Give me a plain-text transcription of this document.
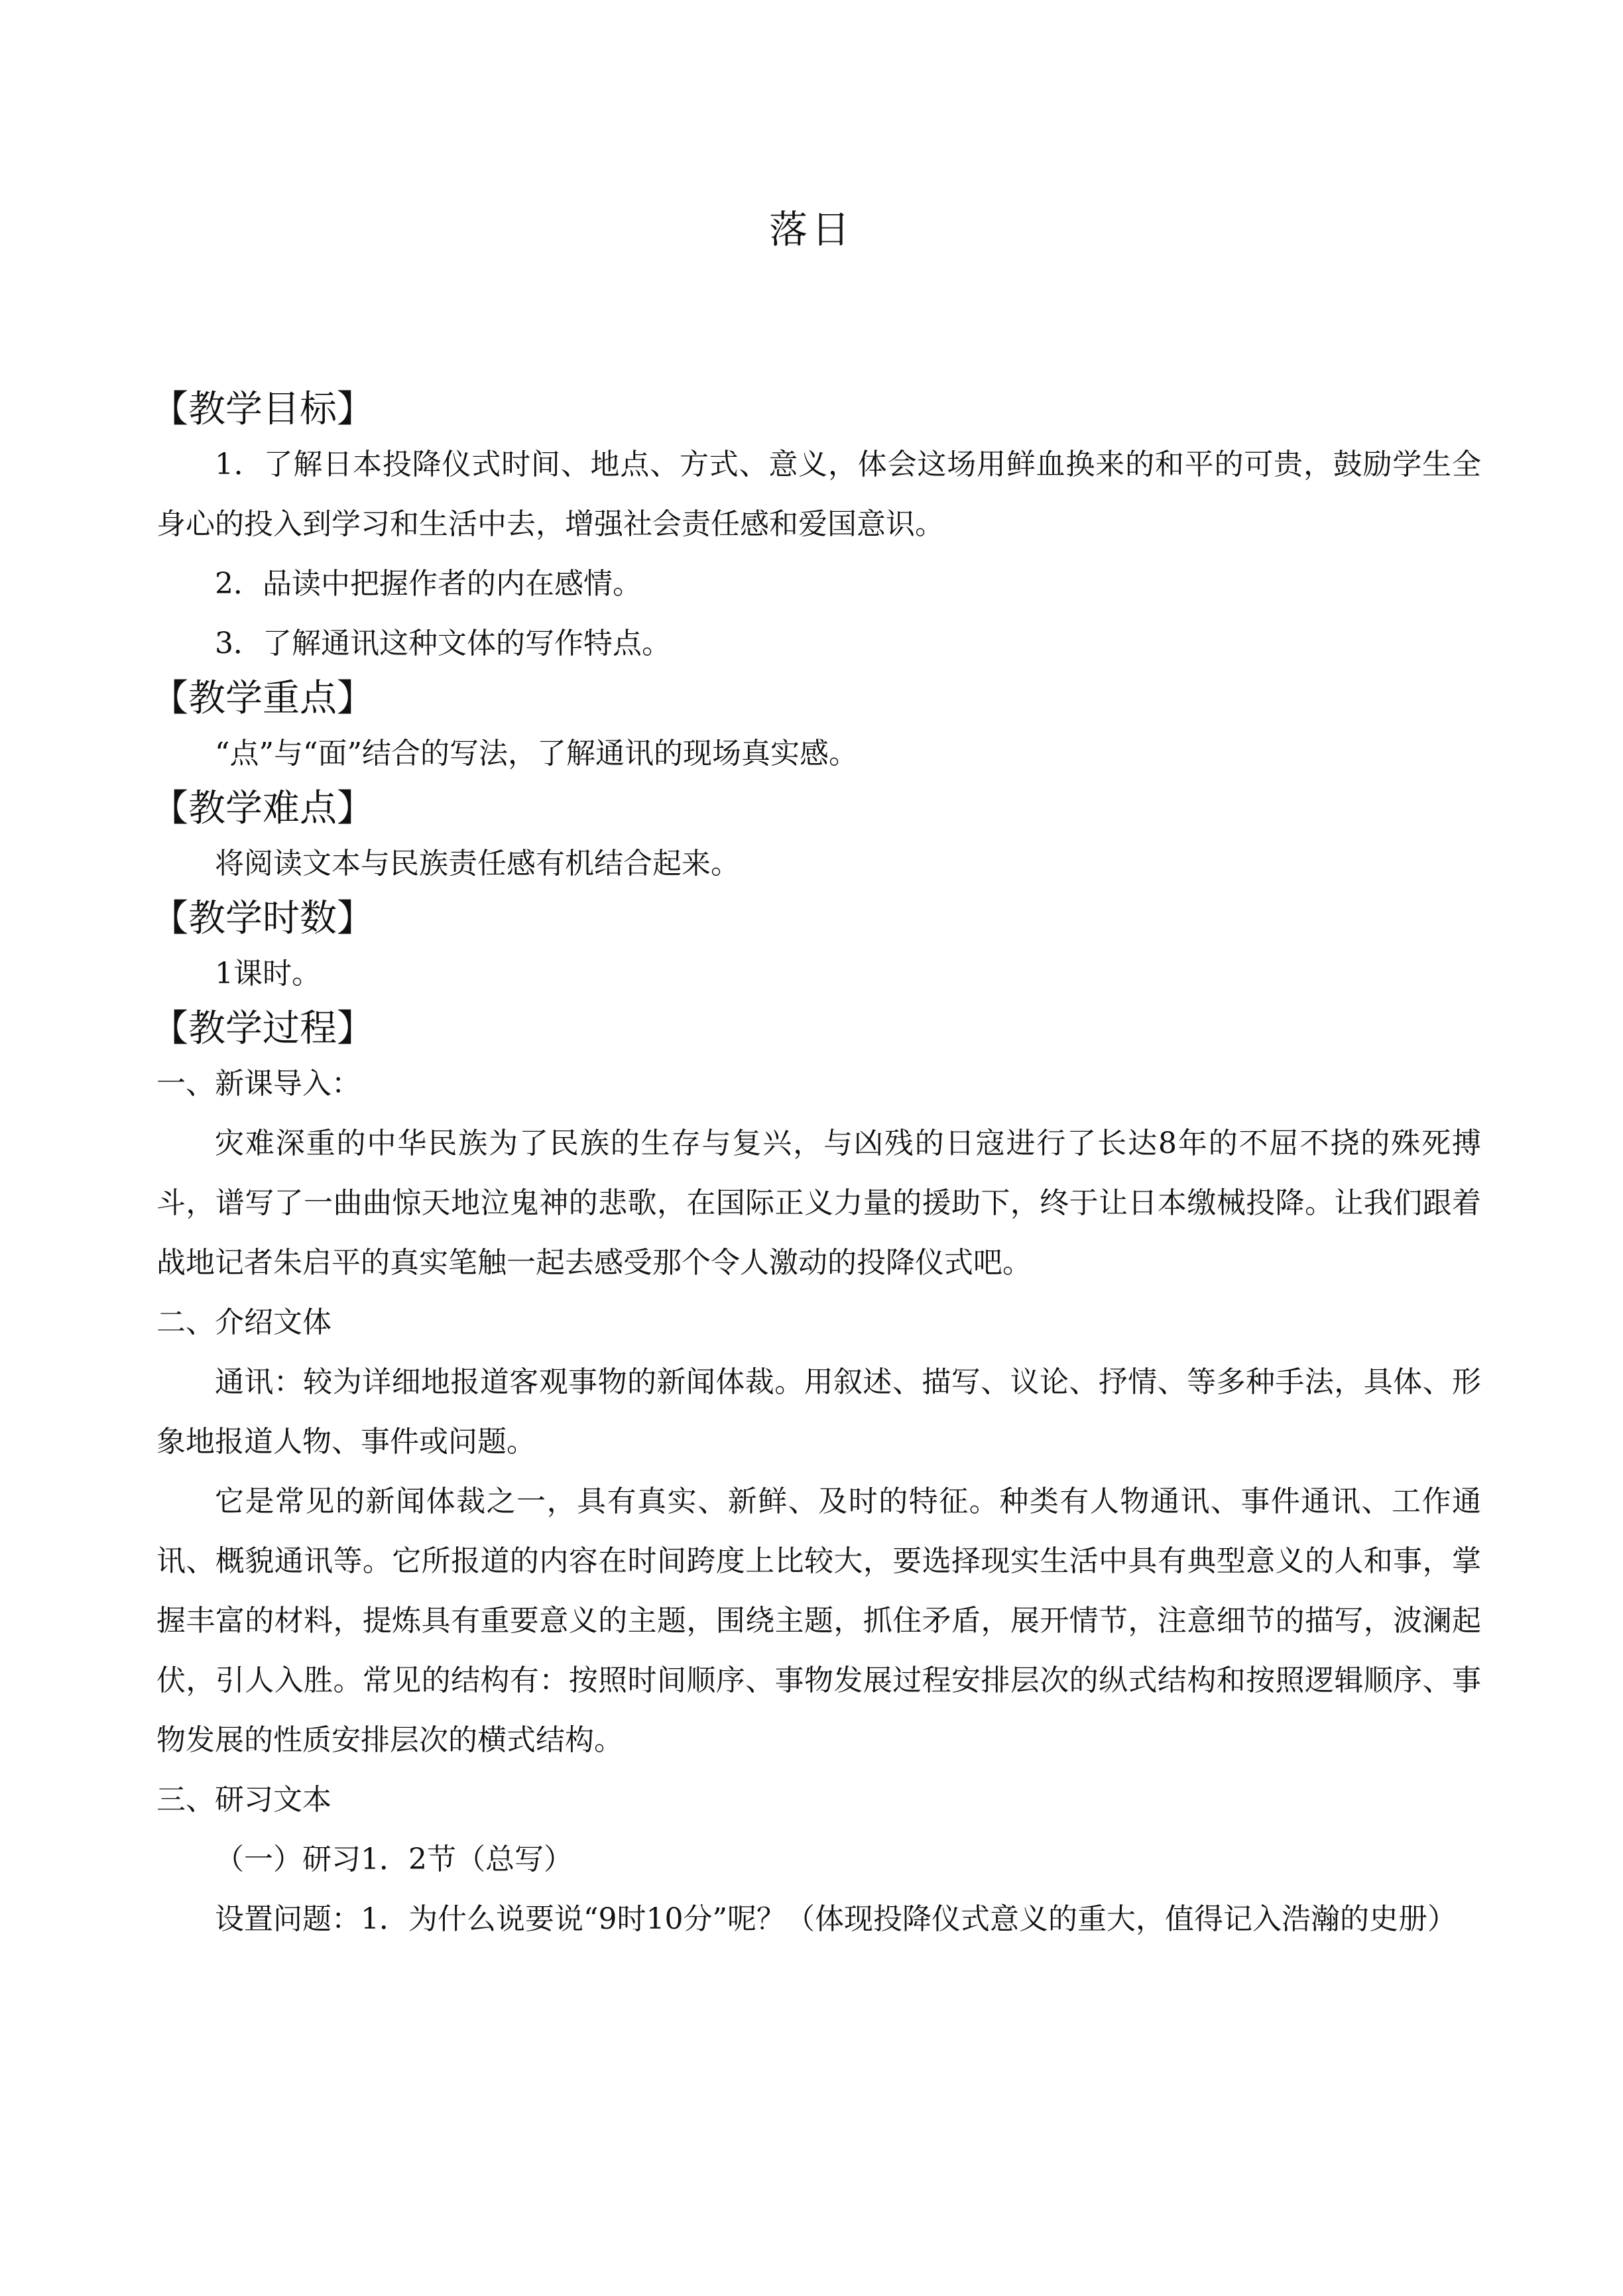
落日
【教学目标】

1．了解日本投降仪式时间、地点、方式、意义，体会这场用鲜血换来的和平的可贵，鼓励学生全身心的投入到学习和生活中去，增强社会责任感和爱国意识。

2．品读中把握作者的内在感情。

3．了解通讯这种文体的写作特点。

【教学重点】

“点”与“面”结合的写法，了解通讯的现场真实感。

【教学难点】

将阅读文本与民族责任感有机结合起来。

【教学时数】

1课时。

【教学过程】

一、新课导入：

灾难深重的中华民族为了民族的生存与复兴，与凶残的日寇进行了长达8年的不屈不挠的殊死搏斗，谱写了一曲曲惊天地泣鬼神的悲歌，在国际正义力量的援助下，终于让日本缴械投降。让我们跟着战地记者朱启平的真实笔触一起去感受那个令人激动的投降仪式吧。

二、介绍文体

通讯：较为详细地报道客观事物的新闻体裁。用叙述、描写、议论、抒情、等多种手法，具体、形象地报道人物、事件或问题。

它是常见的新闻体裁之一，具有真实、新鲜、及时的特征。种类有人物通讯、事件通讯、工作通讯、概貌通讯等。它所报道的内容在时间跨度上比较大，要选择现实生活中具有典型意义的人和事，掌握丰富的材料，提炼具有重要意义的主题，围绕主题，抓住矛盾，展开情节，注意细节的描写，波澜起伏，引人入胜。常见的结构有：按照时间顺序、事物发展过程安排层次的纵式结构和按照逻辑顺序、事物发展的性质安排层次的横式结构。

三、研习文本

（一）研习1．2节（总写）

设置问题：1．为什么说要说“9时10分”呢？（体现投降仪式意义的重大，值得记入浩瀚的史册）
